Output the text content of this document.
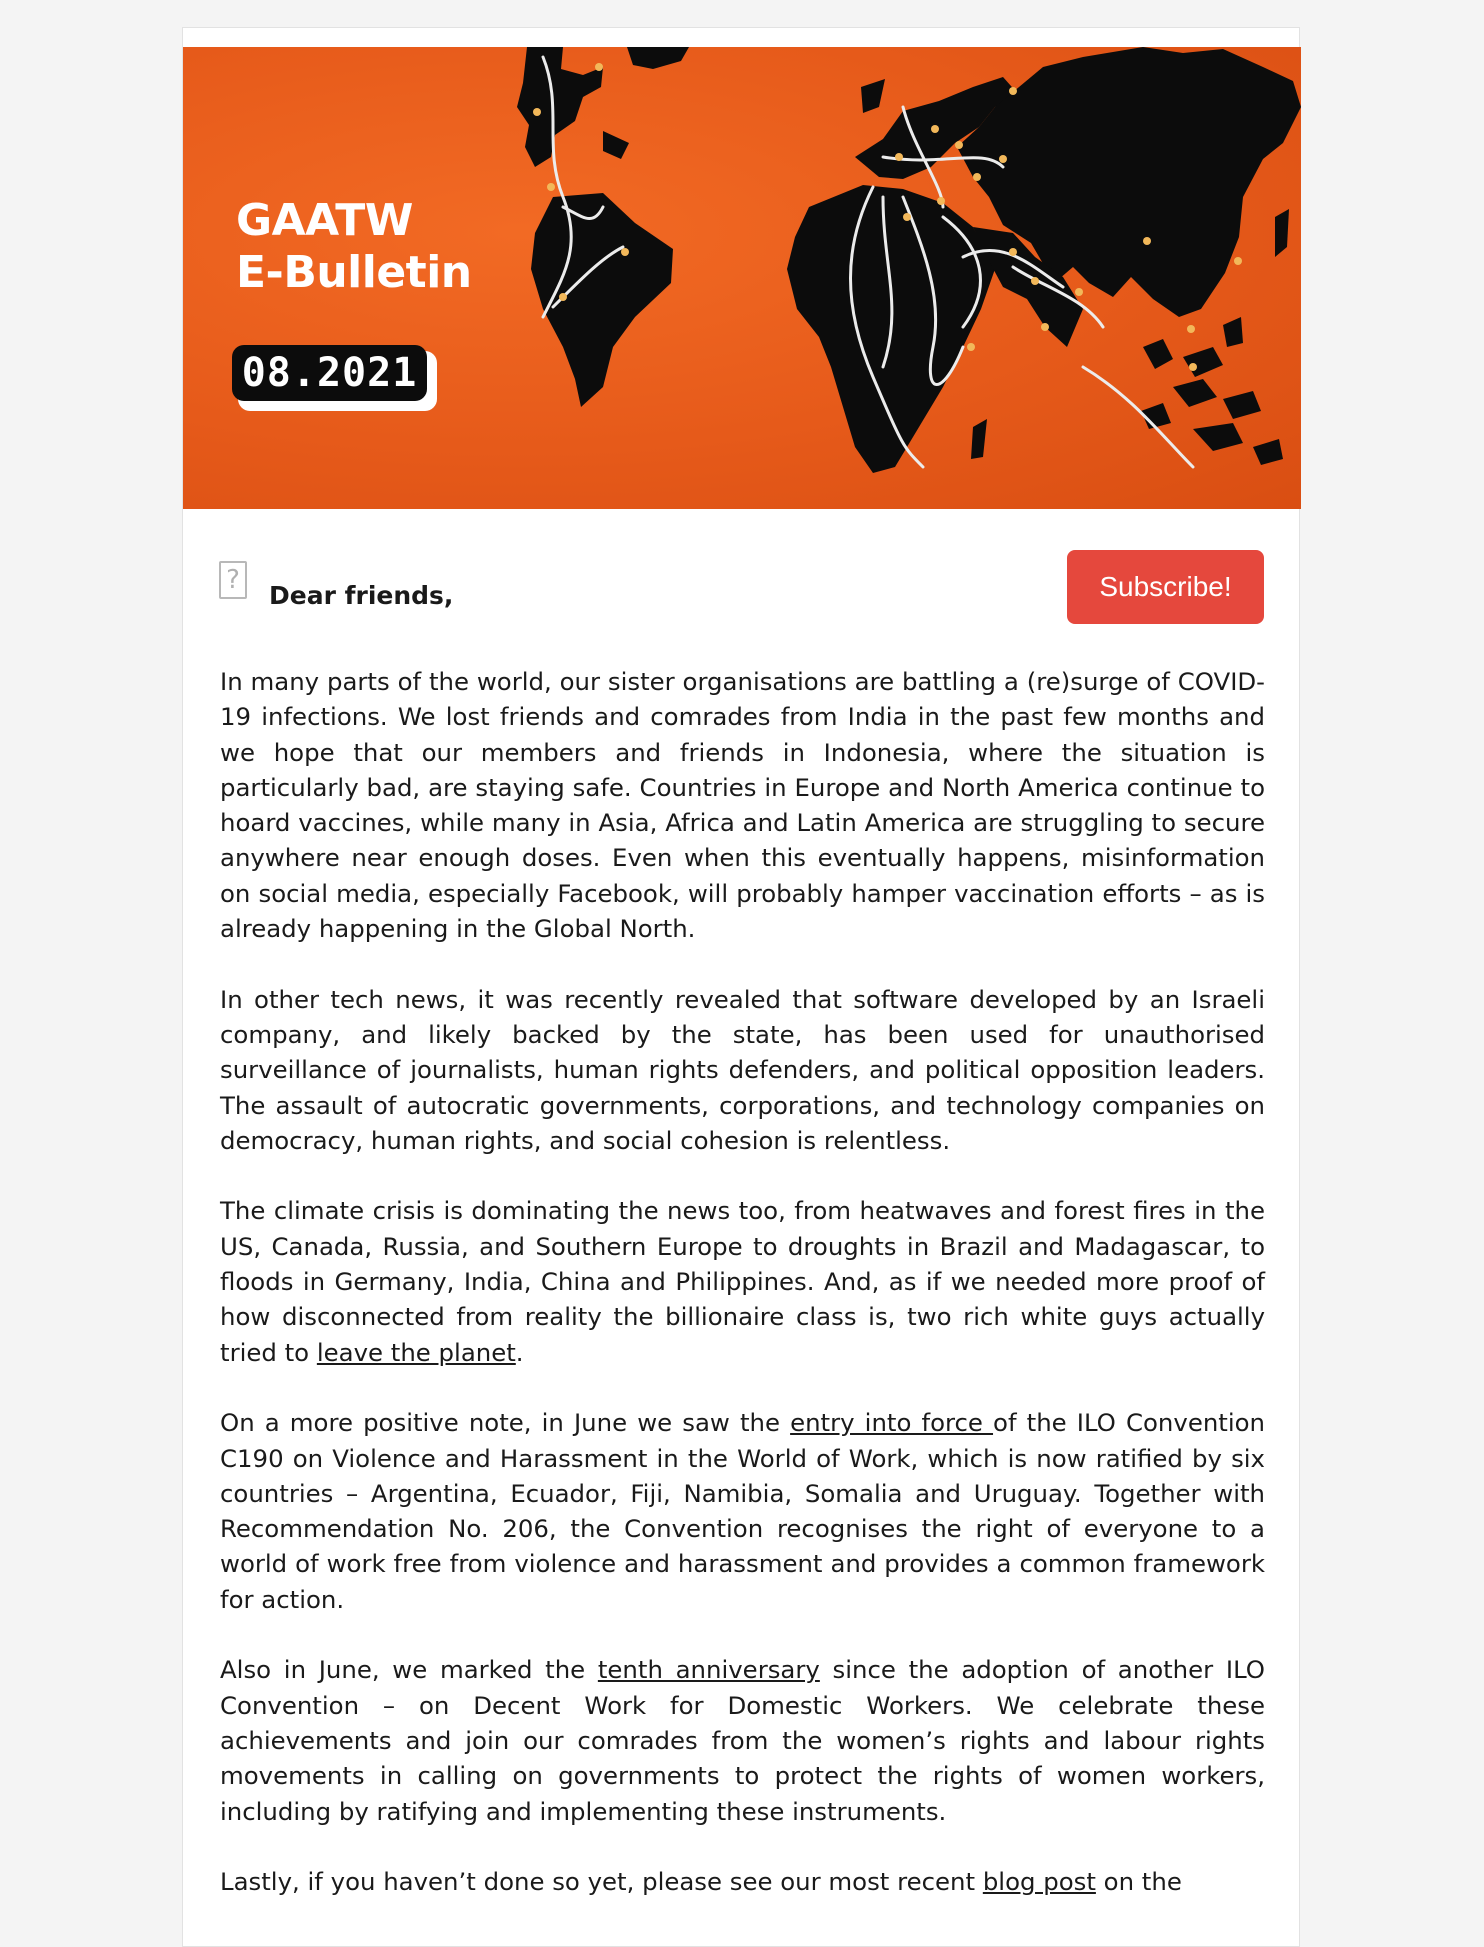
GAATW
E-Bulletin
08.2021
?
Dear friends,	Subscribe!

In many parts of the world, our sister organisations are battling a (re)surge of COVID-19 infections. We lost friends and comrades from India in the past few months and we hope that our members and friends in Indonesia, where the situation is particularly bad, are staying safe. Countries in Europe and North America continue to hoard vaccines, while many in Asia, Africa and Latin America are struggling to secure anywhere near enough doses. Even when this eventually happens, misinformation on social media, especially Facebook, will probably hamper vaccination efforts – as is already happening in the Global North.

In other tech news, it was recently revealed that software developed by an Israeli company, and likely backed by the state, has been used for unauthorised surveillance of journalists, human rights defenders, and political opposition leaders. The assault of autocratic governments, corporations, and technology companies on democracy, human rights, and social cohesion is relentless.

The climate crisis is dominating the news too, from heatwaves and forest fires in the US, Canada, Russia, and Southern Europe to droughts in Brazil and Madagascar, to floods in Germany, India, China and Philippines. And, as if we needed more proof of how disconnected from reality the billionaire class is, two rich white guys actually tried to leave the planet.

On a more positive note, in June we saw the entry into force of the ILO Convention C190 on Violence and Harassment in the World of Work, which is now ratified by six countries – Argentina, Ecuador, Fiji, Namibia, Somalia and Uruguay. Together with Recommendation No. 206, the Convention recognises the right of everyone to a world of work free from violence and harassment and provides a common framework for action.

Also in June, we marked the tenth anniversary since the adoption of another ILO Convention – on Decent Work for Domestic Workers. We celebrate these achievements and join our comrades from the women’s rights and labour rights movements in calling on governments to protect the rights of women workers, including by ratifying and implementing these instruments.

Lastly, if you haven’t done so yet, please see our most recent blog post on the
